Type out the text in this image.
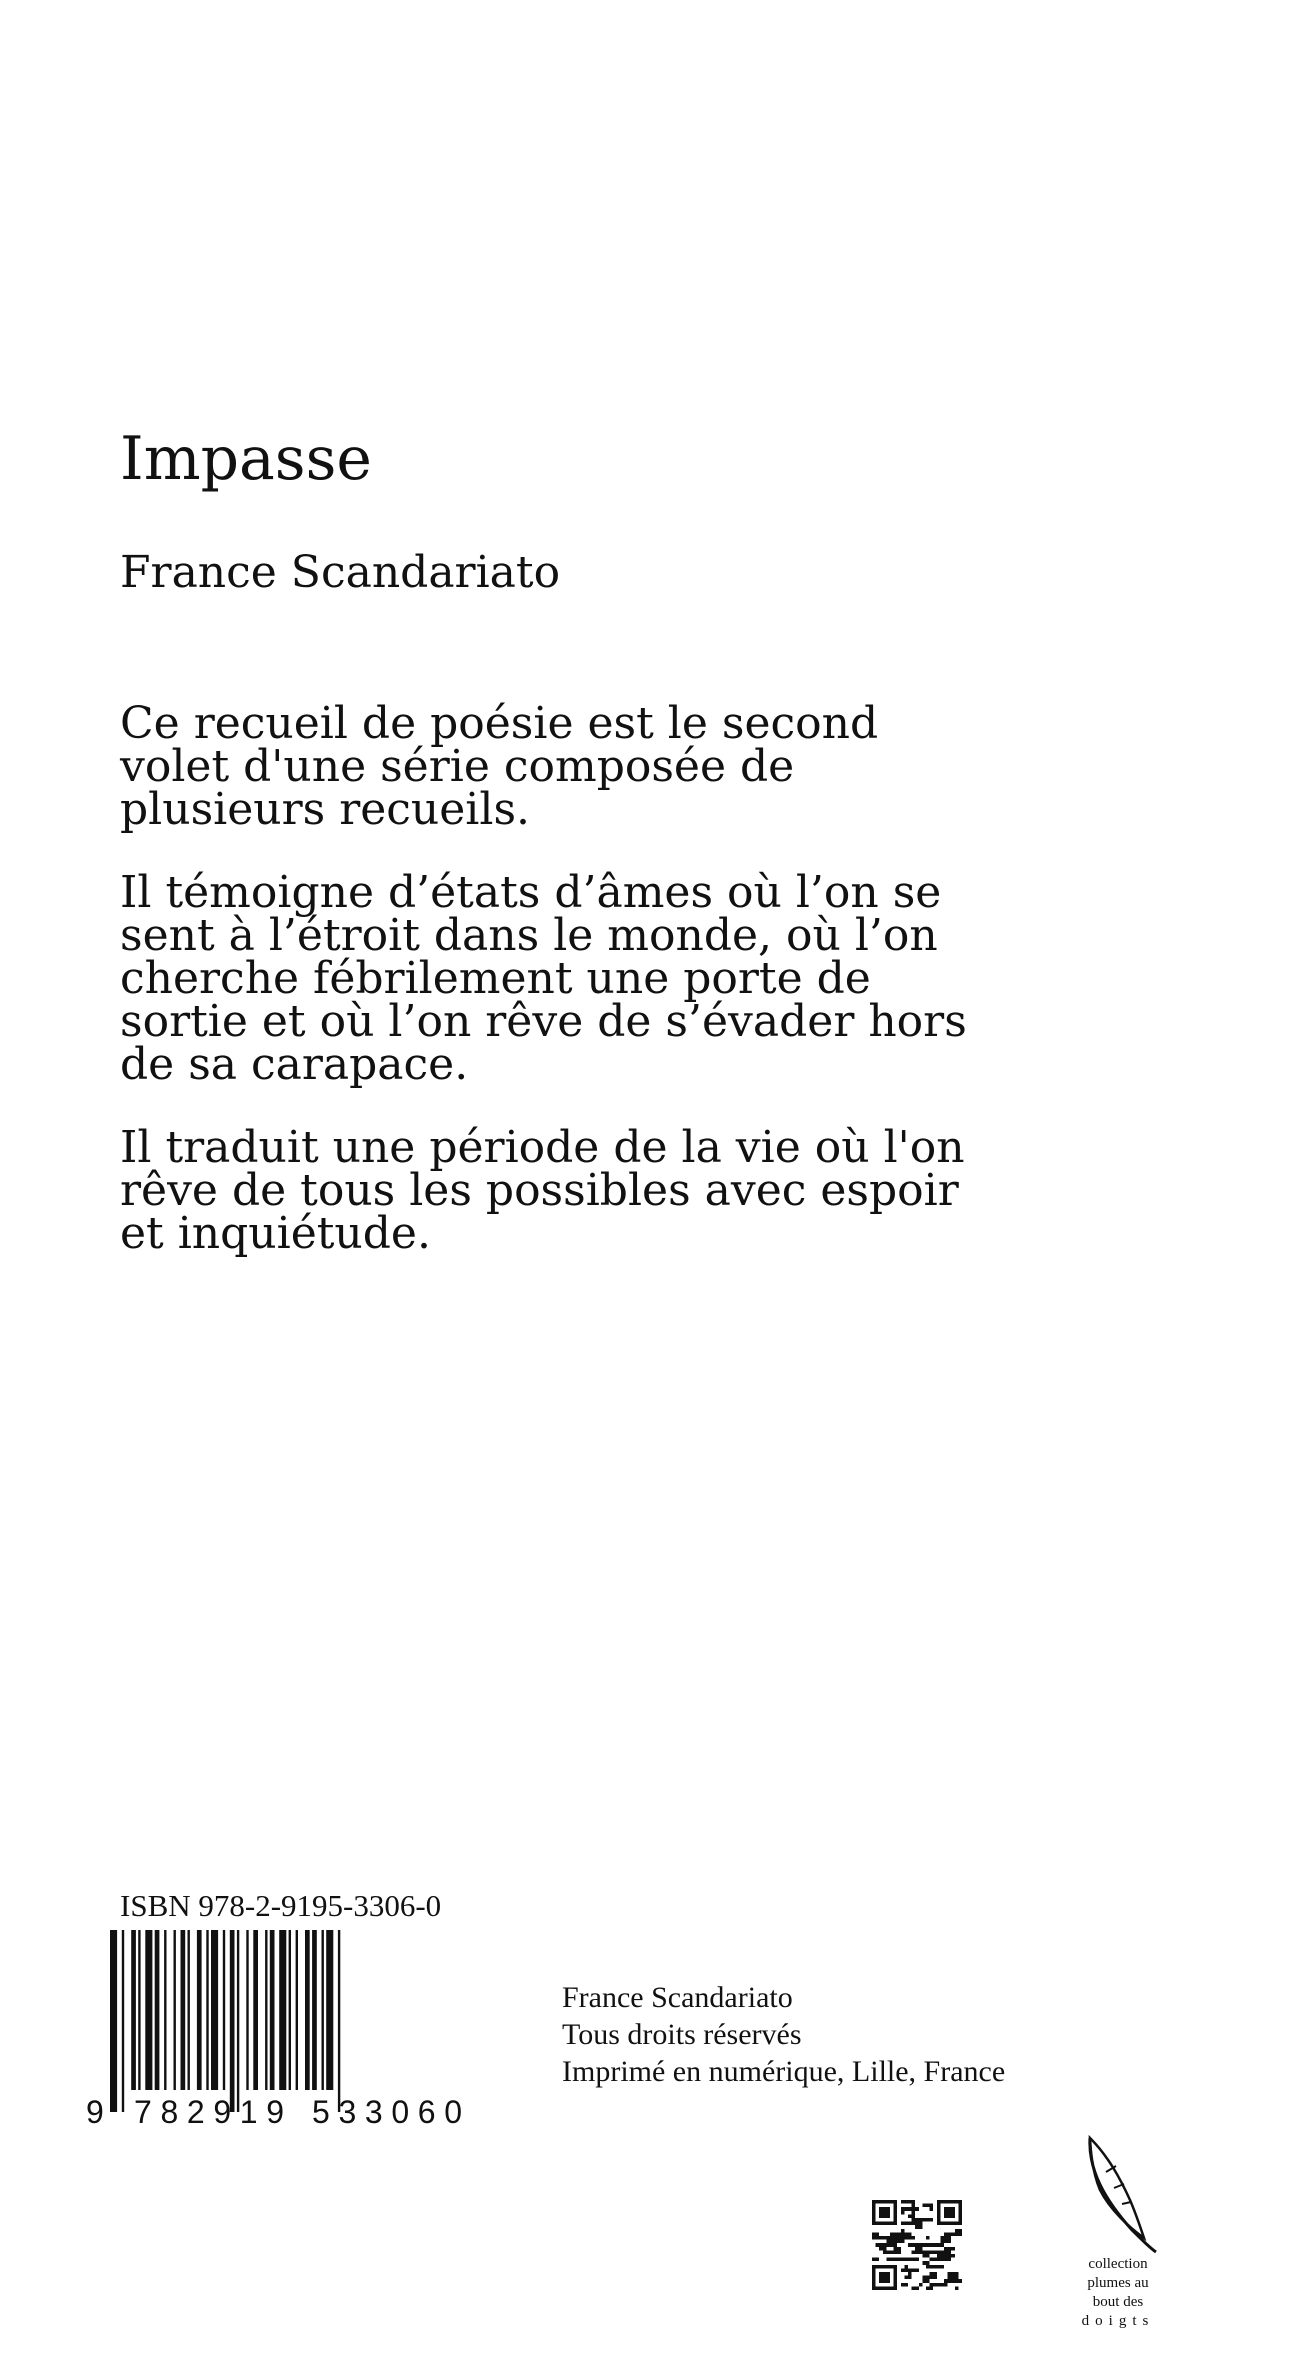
Impasse
France Scandariato

Ce recueil de poésie est le second volet d'une série composée de plusieurs recueils.

Il témoigne d’états d’âmes où l’on se sent à l’étroit dans le monde, où l’on cherche fébrilement une porte de sortie et où l’on rêve de s’évader hors de sa carapace.

Il traduit une période de la vie où l'on rêve de tous les possibles avec espoir et inquiétude.

ISBN 978-2-9195-3306-0
9 782919 533060
France Scandariato
Tous droits réservés
Imprimé en numérique, Lille, France
collection
plumes au
bout des
doigts
